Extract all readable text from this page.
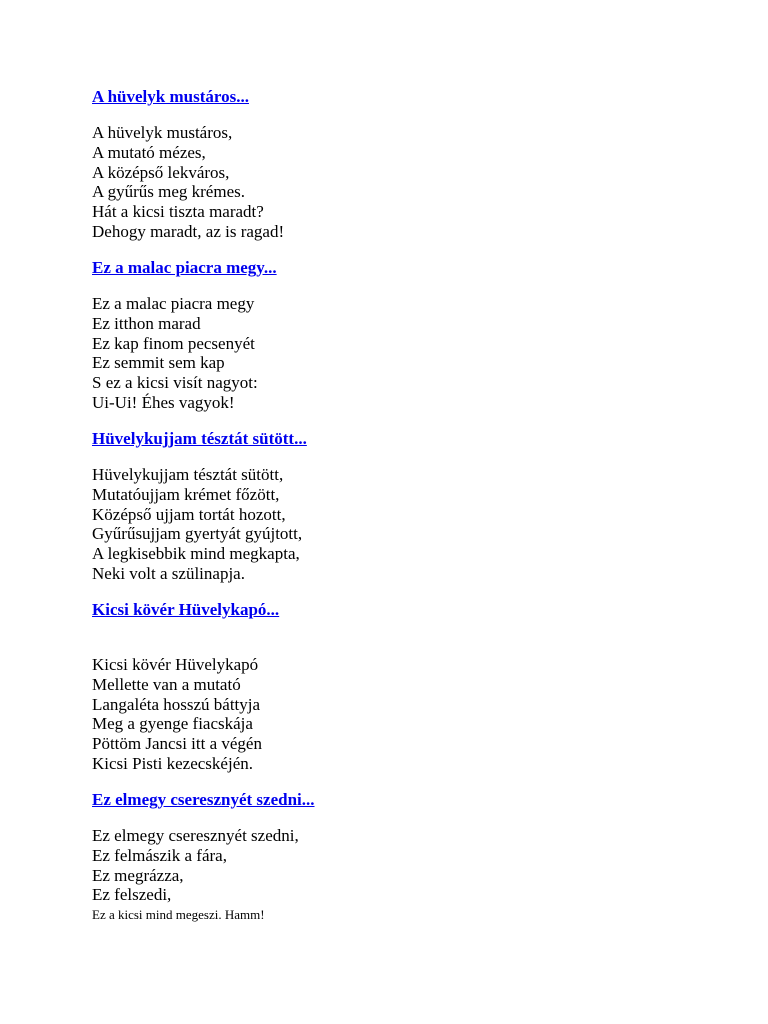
A hüvelyk mustáros...
A hüvelyk mustáros,
A mutató mézes,
A középső lekváros,
A gyűrűs meg krémes.
Hát a kicsi tiszta maradt?
Dehogy maradt, az is ragad!
Ez a malac piacra megy...
Ez a malac piacra megy
Ez itthon marad
Ez kap finom pecsenyét
Ez semmit sem kap
S ez a kicsi visít nagyot:
Ui-Ui! Éhes vagyok!
Hüvelykujjam tésztát sütött...
Hüvelykujjam tésztát sütött,
Mutatóujjam krémet főzött,
Középső ujjam tortát hozott,
Gyűrűsujjam gyertyát gyújtott,
A legkisebbik mind megkapta,
Neki volt a szülinapja.
Kicsi kövér Hüvelykapó...
Kicsi kövér Hüvelykapó
Mellette van a mutató
Langaléta hosszú báttyja
Meg a gyenge fiacskája
Pöttöm Jancsi itt a végén
Kicsi Pisti kezecskéjén.
Ez elmegy cseresznyét szedni...
Ez elmegy cseresznyét szedni,
Ez felmászik a fára,
Ez megrázza,
Ez felszedi,
Ez a kicsi mind megeszi. Hamm!
